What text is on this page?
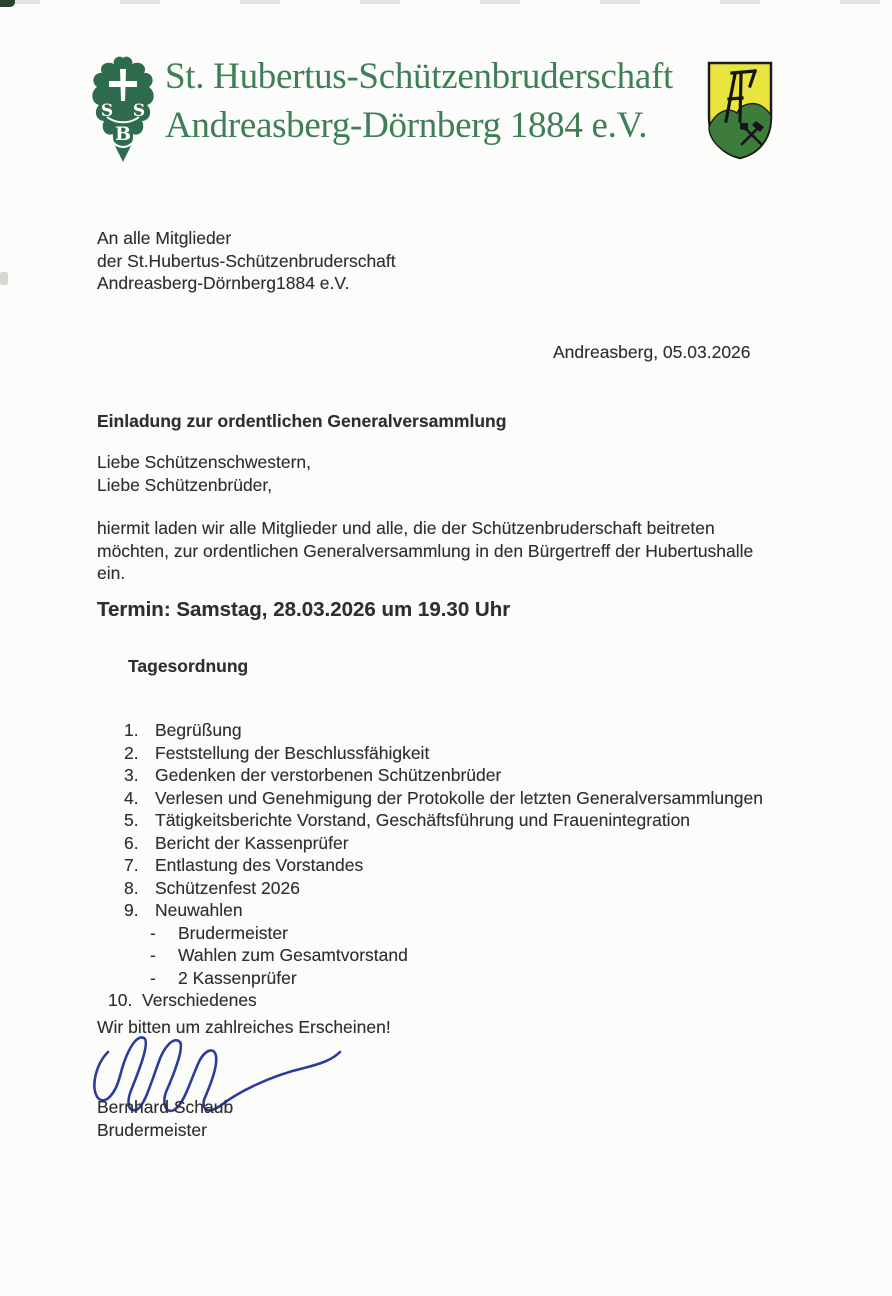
S S
B
St. Hubertus-Schützenbruderschaft
Andreasberg-Dörnberg 1884 e.V.
An alle Mitglieder
der St.Hubertus-Schützenbruderschaft
Andreasberg-Dörnberg1884 e.V.
Andreasberg, 05.03.2026
Einladung zur ordentlichen Generalversammlung
Liebe Schützenschwestern,
Liebe Schützenbrüder,
hiermit laden wir alle Mitglieder und alle, die der Schützenbruderschaft beitreten
möchten, zur ordentlichen Generalversammlung in den Bürgertreff der Hubertushalle
ein.
Termin: Samstag, 28.03.2026 um 19.30 Uhr
Tagesordnung
1. Begrüßung
2. Feststellung der Beschlussfähigkeit
3. Gedenken der verstorbenen Schützenbrüder
4. Verlesen und Genehmigung der Protokolle der letzten Generalversammlungen
5. Tätigkeitsberichte Vorstand, Geschäftsführung und Frauenintegration
6. Bericht der Kassenprüfer
7. Entlastung des Vorstandes
8. Schützenfest 2026
9. Neuwahlen
-	Brudermeister
-	Wahlen zum Gesamtvorstand
-	2 Kassenprüfer
10. Verschiedenes
Wir bitten um zahlreiches Erscheinen!
Bernhard Schaub
Brudermeister
